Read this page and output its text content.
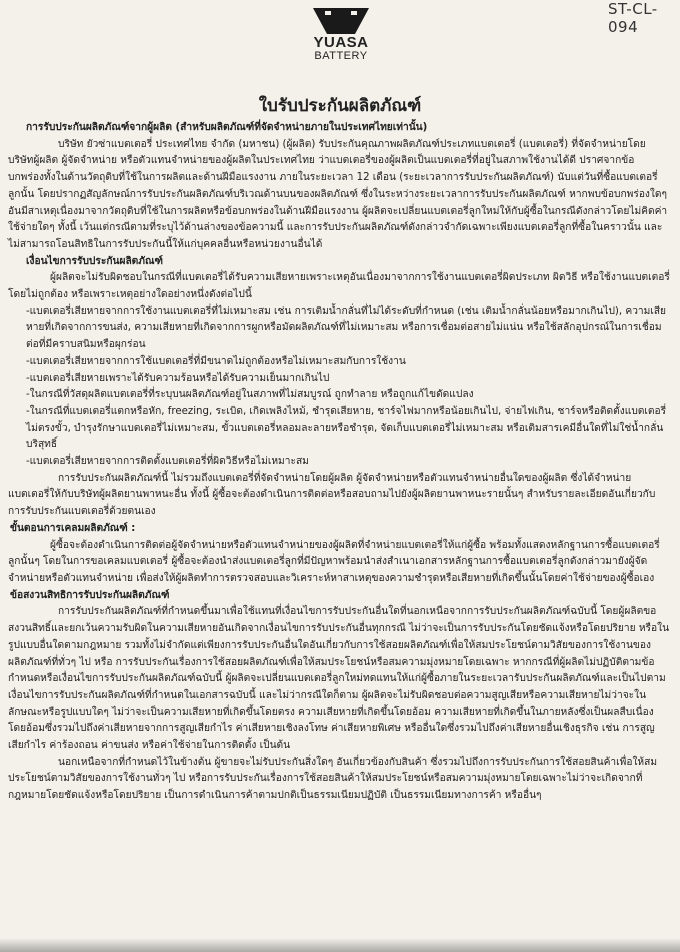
ST-CL-094
YUASA
BATTERY
ใบรับประกันผลิตภัณฑ์

การรับประกันผลิตภัณฑ์จากผู้ผลิต (สำหรับผลิตภัณฑ์ที่จัดจำหน่ายภายในประเทศไทยเท่านั้น)

บริษัท ยัวซ่าแบตเตอรี่ ประเทศไทย จำกัด (มหาชน) (ผู้ผลิต) รับประกันคุณภาพผลิตภัณฑ์ประเภทแบตเตอรี่ (แบตเตอรี่) ที่จัดจำหน่ายโดยบริษัทผู้ผลิต ผู้จัดจำหน่าย หรือตัวแทนจำหน่ายของผู้ผลิตในประเทศไทย ว่าแบตเตอรี่ของผู้ผลิตเป็นแบตเตอรี่ที่อยู่ในสภาพใช้งานได้ดี ปราศจากข้อบกพร่องทั้งในด้านวัตถุดิบที่ใช้ในการผลิตและด้านฝีมือแรงงาน ภายในระยะเวลา 12 เดือน (ระยะเวลาการรับประกันผลิตภัณฑ์) นับแต่วันที่ซื้อแบตเตอรี่ลูกนั้น โดยปรากฏสัญลักษณ์การรับประกันผลิตภัณฑ์บริเวณด้านบนของผลิตภัณฑ์ ซึ่งในระหว่างระยะเวลาการรับประกันผลิตภัณฑ์ หากพบข้อบกพร่องใดๆ อันมีสาเหตุเนื่องมาจากวัตถุดิบที่ใช้ในการผลิตหรือข้อบกพร่องในด้านฝีมือแรงงาน ผู้ผลิตจะเปลี่ยนแบตเตอรี่ลูกใหม่ให้กับผู้ซื้อในกรณีดังกล่าวโดยไม่คิดค่าใช้จ่ายใดๆ ทั้งนี้ เว้นแต่กรณีตามที่ระบุไว้ด้านล่างของข้อความนี้ และการรับประกันผลิตภัณฑ์ดังกล่าวจำกัดเฉพาะเพียงแบตเตอรี่ลูกที่ซื้อในคราวนั้น และไม่สามารถโอนสิทธิในการรับประกันนี้ให้แก่บุคคลอื่นหรือหน่วยงานอื่นได้

เงื่อนไขการรับประกันผลิตภัณฑ์

ผู้ผลิตจะไม่รับผิดชอบในกรณีที่แบตเตอรี่ได้รับความเสียหายเพราะเหตุอันเนื่องมาจากการใช้งานแบตเตอรี่ผิดประเภท ผิดวิธี หรือใช้งานแบตเตอรี่โดยไม่ถูกต้อง หรือเพราะเหตุอย่างใดอย่างหนึ่งดังต่อไปนี้

-แบตเตอรี่เสียหายจากการใช้งานแบตเตอรี่ที่ไม่เหมาะสม เช่น การเติมน้ำกลั่นที่ไม่ได้ระดับที่กำหนด (เช่น เติมน้ำกลั่นน้อยหรือมากเกินไป), ความเสียหายที่เกิดจากการขนส่ง, ความเสียหายที่เกิดจากการผูกหรือมัดผลิตภัณฑ์ที่ไม่เหมาะสม หรือการเชื่อมต่อสายไม่แน่น หรือใช้สลักอุปกรณ์ในการเชื่อมต่อที่มีคราบสนิมหรือผุกร่อน

-แบตเตอรี่เสียหายจากการใช้แบตเตอรี่ที่มีขนาดไม่ถูกต้องหรือไม่เหมาะสมกับการใช้งาน

-แบตเตอรี่เสียหายเพราะได้รับความร้อนหรือได้รับความเย็นมากเกินไป

-ในกรณีที่วัสดุผลิตแบตเตอรี่ที่ระบุบนผลิตภัณฑ์อยู่ในสภาพที่ไม่สมบูรณ์ ถูกทำลาย หรือถูกแก้ไขดัดแปลง

-ในกรณีที่แบตเตอรี่แตกหรือหัก, freezing, ระเบิด, เกิดเพลิงไหม้, ชำรุดเสียหาย, ชาร์จไฟมากหรือน้อยเกินไป, จ่ายไฟเกิน, ชาร์จหรือติดตั้งแบตเตอรี่ไม่ตรงขั้ว, บำรุงรักษาแบตเตอรี่ไม่เหมาะสม, ขั้วแบตเตอรี่หลอมละลายหรือชำรุด, จัดเก็บแบตเตอรี่ไม่เหมาะสม หรือเติมสารเคมีอื่นใดที่ไม่ใช่น้ำกลั่นบริสุทธิ์

-แบตเตอรี่เสียหายจากการติดตั้งแบตเตอรี่ที่ผิดวิธีหรือไม่เหมาะสม

การรับประกันผลิตภัณฑ์นี้ ไม่รวมถึงแบตเตอรี่ที่จัดจำหน่ายโดยผู้ผลิต ผู้จัดจำหน่ายหรือตัวแทนจำหน่ายอื่นใดของผู้ผลิต ซึ่งได้จำหน่ายแบตเตอรี่ให้กับบริษัทผู้ผลิตยานพาหนะอื่น ทั้งนี้ ผู้ซื้อจะต้องดำเนินการติดต่อหรือสอบถามไปยังผู้ผลิตยานพาหนะรายนั้นๆ สำหรับรายละเอียดอันเกี่ยวกับการรับประกันแบตเตอรี่ด้วยตนเอง

ขั้นตอนการเคลมผลิตภัณฑ์ :

ผู้ซื้อจะต้องดำเนินการติดต่อผู้จัดจำหน่ายหรือตัวแทนจำหน่ายของผู้ผลิตที่จำหน่ายแบตเตอรี่ให้แก่ผู้ซื้อ พร้อมทั้งแสดงหลักฐานการซื้อแบตเตอรี่ลูกนั้นๆ โดยในการขอเคลมแบตเตอรี่ ผู้ซื้อจะต้องนำส่งแบตเตอรี่ลูกที่มีปัญหาพร้อมนำส่งสำเนาเอกสารหลักฐานการซื้อแบตเตอรี่ลูกดังกล่าวมายังผู้จัดจำหน่ายหรือตัวแทนจำหน่าย เพื่อส่งให้ผู้ผลิตทำการตรวจสอบและวิเคราะห์หาสาเหตุของความชำรุดหรือเสียหายที่เกิดขึ้นนั้นโดยค่าใช้จ่ายของผู้ซื้อเอง

ข้อสงวนสิทธิการรับประกันผลิตภัณฑ์

การรับประกันผลิตภัณฑ์ที่กำหนดขึ้นมาเพื่อใช้แทนที่เงื่อนไขการรับประกันอื่นใดที่นอกเหนือจากการรับประกันผลิตภัณฑ์ฉบับนี้ โดยผู้ผลิตขอสงวนสิทธิ์และยกเว้นความรับผิดในความเสียหายอันเกิดจากเงื่อนไขการรับประกันอื่นทุกกรณี ไม่ว่าจะเป็นการรับประกันโดยชัดแจ้งหรือโดยปริยาย หรือในรูปแบบอื่นใดตามกฎหมาย รวมทั้งไม่จำกัดแต่เพียงการรับประกันอื่นใดอันเกี่ยวกับการใช้สอยผลิตภัณฑ์เพื่อให้สมประโยชน์ตามวิสัยของการใช้งานของผลิตภัณฑ์ที่ทั่วๆ ไป หรือ การรับประกันเรื่องการใช้สอยผลิตภัณฑ์เพื่อให้สมประโยชน์หรือสมความมุ่งหมายโดยเฉพาะ หากกรณีที่ผู้ผลิตไม่ปฏิบัติตามข้อกำหนดหรือเงื่อนไขการรับประกันผลิตภัณฑ์ฉบับนี้ ผู้ผลิตจะเปลี่ยนแบตเตอรี่ลูกใหม่ทดแทนให้แก่ผู้ซื้อภายในระยะเวลารับประกันผลิตภัณฑ์และเป็นไปตามเงื่อนไขการรับประกันผลิตภัณฑ์ที่กำหนดในเอกสารฉบับนี้ และไม่ว่ากรณีใดก็ตาม ผู้ผลิตจะไม่รับผิดชอบต่อความสูญเสียหรือความเสียหายไม่ว่าจะในลักษณะหรือรูปแบบใดๆ ไม่ว่าจะเป็นความเสียหายที่เกิดขึ้นโดยตรง ความเสียหายที่เกิดขึ้นโดยอ้อม ความเสียหายที่เกิดขึ้นในภายหลังซึ่งเป็นผลสืบเนื่องโดยอ้อมซึ่งรวมไปถึงค่าเสียหายจากการสูญเสียกำไร ค่าเสียหายเชิงลงโทษ ค่าเสียหายพิเศษ หรืออื่นใดซึ่งรวมไปถึงค่าเสียหายอื่นเชิงธุรกิจ เช่น การสูญเสียกำไร ค่าร้องถอน ค่าขนส่ง หรือค่าใช้จ่ายในการติดตั้ง เป็นต้น

นอกเหนือจากที่กำหนดไว้ในข้างต้น ผู้ขายจะไม่รับประกันสิ่งใดๆ อันเกี่ยวข้องกับสินค้า ซึ่งรวมไปถึงการรับประกันการใช้สอยสินค้าเพื่อให้สมประโยชน์ตามวิสัยของการใช้งานทั่วๆ ไป หรือการรับประกันเรื่องการใช้สอยสินค้าให้สมประโยชน์หรือสมความมุ่งหมายโดยเฉพาะไม่ว่าจะเกิดจากที่กฎหมายโดยชัดแจ้งหรือโดยปริยาย เป็นการดำเนินการค้าตามปกติเป็นธรรมเนียมปฏิบัติ เป็นธรรมเนียมทางการค้า หรืออื่นๆ
